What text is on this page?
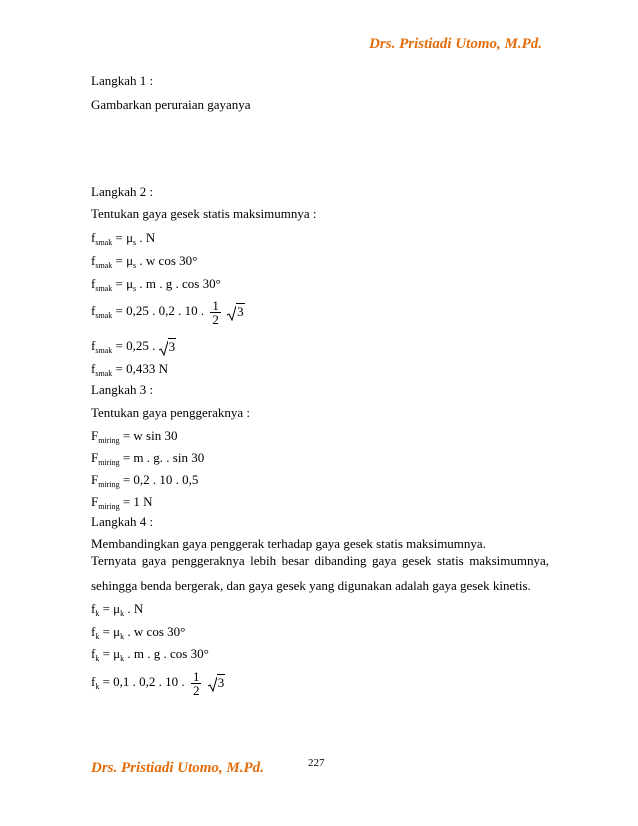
Drs. Pristiadi Utomo, M.Pd.
Langkah 1 :
Gambarkan peruraian gayanya
Langkah 2 :
Tentukan gaya gesek statis maksimumnya :
$f_{smak} = \mu_s$ . N
$f_{smak} = \mu_s$ . w cos 30°
$f_{smak} = \mu_s$ . m . g . cos 30°
$f_{smak} = 0,25$ . 0,2 . 10 . $\frac{1}{2} 3$
$f_{smak} = 0,25$ . 3
$f_{smak} = 0,433$ N
Langkah 3 :
Tentukan gaya penggeraknya :
$F_{miring} = w$ sin 30
$F_{miring} = m$ . g. . sin 30
$F_{miring} = 0,2$ . 10 . 0,5
$F_{miring} = 1$ N
Langkah 4 :
Membandingkan gaya penggerak terhadap gaya gesek statis maksimumnya.
Ternyata gaya penggeraknya lebih besar dibanding gaya gesek statis maksimumnya,
sehingga benda bergerak, dan gaya gesek yang digunakan adalah gaya gesek kinetis.
$f_k = \mu_k$ . N
$f_k = \mu_k$ . w cos 30°
$f_k = \mu_k$ . m . g . cos 30°
$f_k = 0,1$ . 0,2 . 10 . $\frac{1}{2} 3$
Drs. Pristiadi Utomo, M.Pd.	227
